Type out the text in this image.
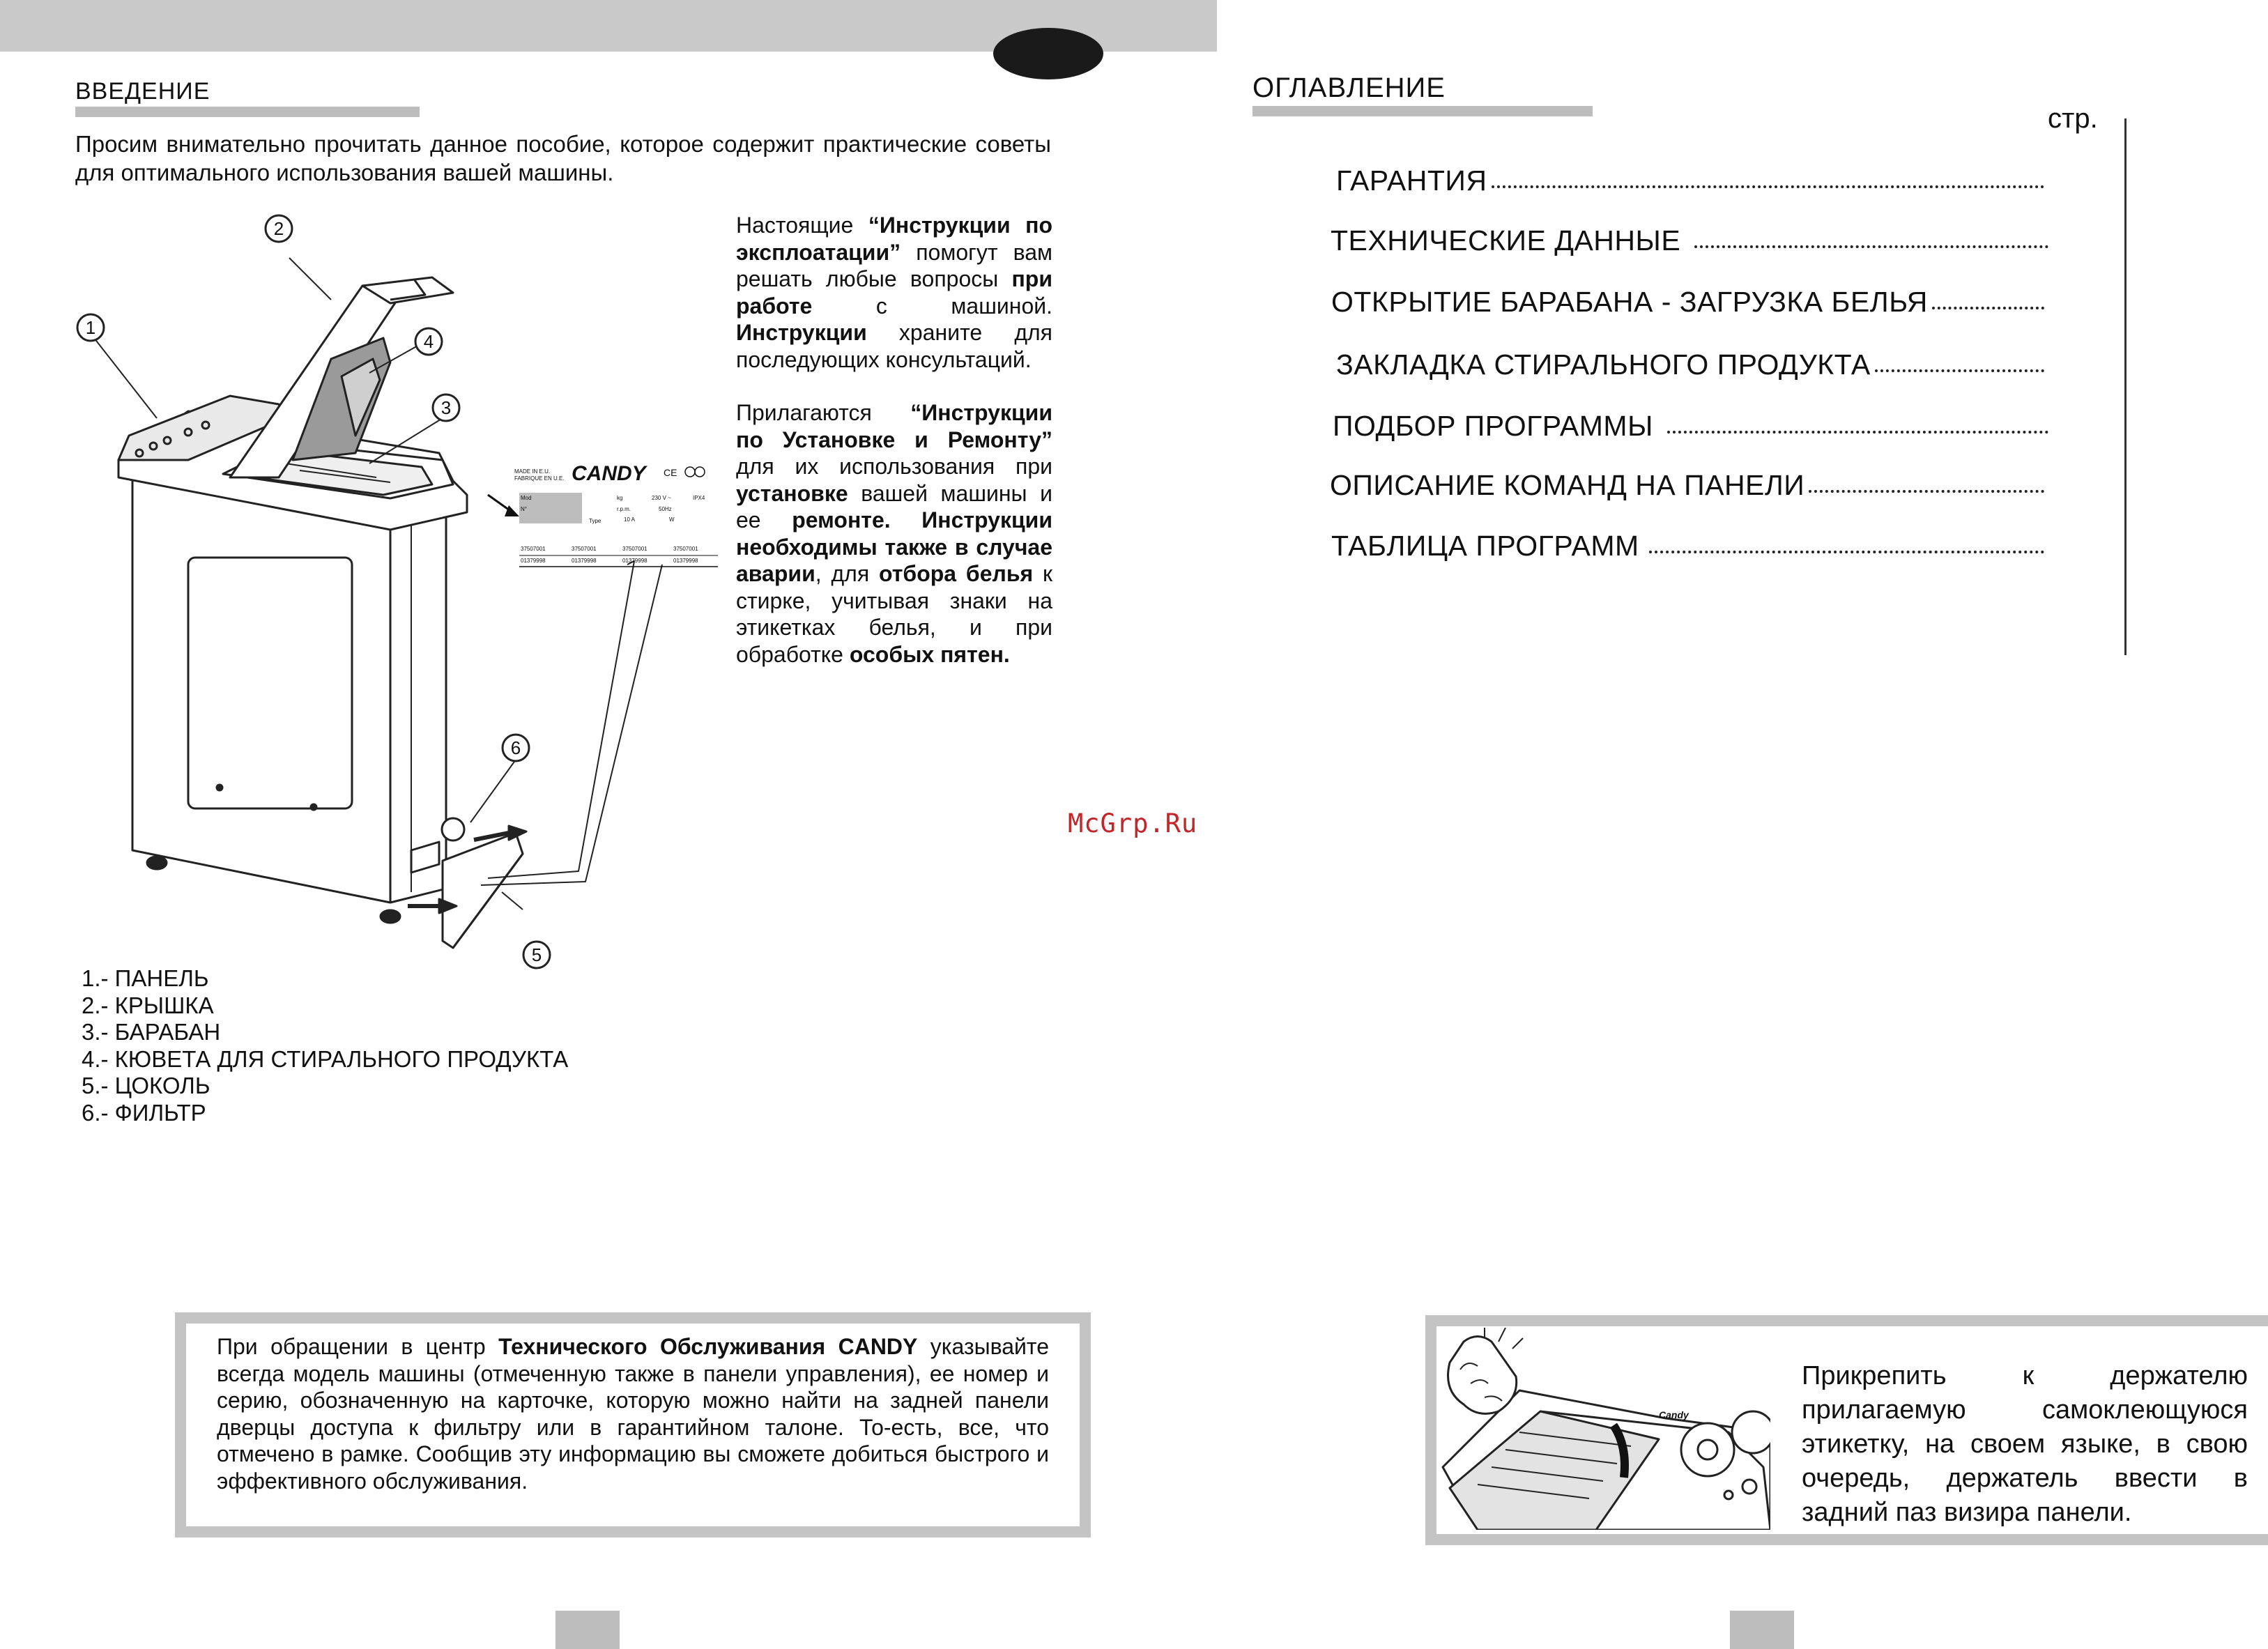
ВВЕДЕНИЕ
Просим внимательно прочитать данное пособие, которое содержит практические советы для оптимального использования вашей машины.
1
2
3
4
5
6
MADE IN E.U.
FABRIQUE EN U.E. CANDY CE
Mod
N°
Type
kg	230 V ~	IPX4
r.p.m.	50Hz
10 A	W
37507001	37507001	37507001	37507001
01379998	01379998	01379998	01379998

Настоящие “Инструкции по эксплоатации” помогут вам решать любые вопросы при работе с машиной. Инструкции храните для последующих консультаций.

Прилагаются “Инструкции по Установке и Ремонту” для их использования при установке вашей машины и ее ремонте. Инструкции необходимы также в случае аварии, для отбора белья к стирке, учитывая знаки на этикетках белья, и при обработке особых пятен.

1.- ПАНЕЛЬ
2.- КРЫШКА
3.- БАРАБАН
4.- КЮВЕТА ДЛЯ СТИРАЛЬНОГО ПРОДУКТА
5.- ЦОКОЛЬ
6.- ФИЛЬТР
McGrp.Ru
При обращении в центр Технического Обслуживания CANDY указывайте всегда модель машины (отмеченную также в панели управления), ее номер и серию, обозначенную на карточке, которую можно найти на задней панели дверцы доступа к фильтру или в гарантийном талоне. То-есть, все, что отмечено в рамке. Сообщив эту информацию вы сможете добиться быстрого и эффективного обслуживания.
ОГЛАВЛЕНИЕ
стр.
ГАРАНТИЯ
ТЕХНИЧЕСКИЕ ДАННЫЕ
ОТКРЫТИЕ БАРАБАНА - ЗАГРУЗКА БЕЛЬЯ
ЗАКЛАДКА СТИРАЛЬНОГО ПРОДУКТА
ПОДБОР ПРОГРАММЫ
ОПИСАНИЕ КОМАНД НА ПАНЕЛИ
ТАБЛИЦА ПРОГРАММ
Candy
Прикрепить к держателю прилагаемую самоклеющуюся этикетку, на своем языке, в свою очередь, держатель ввести в задний паз визира панели.
